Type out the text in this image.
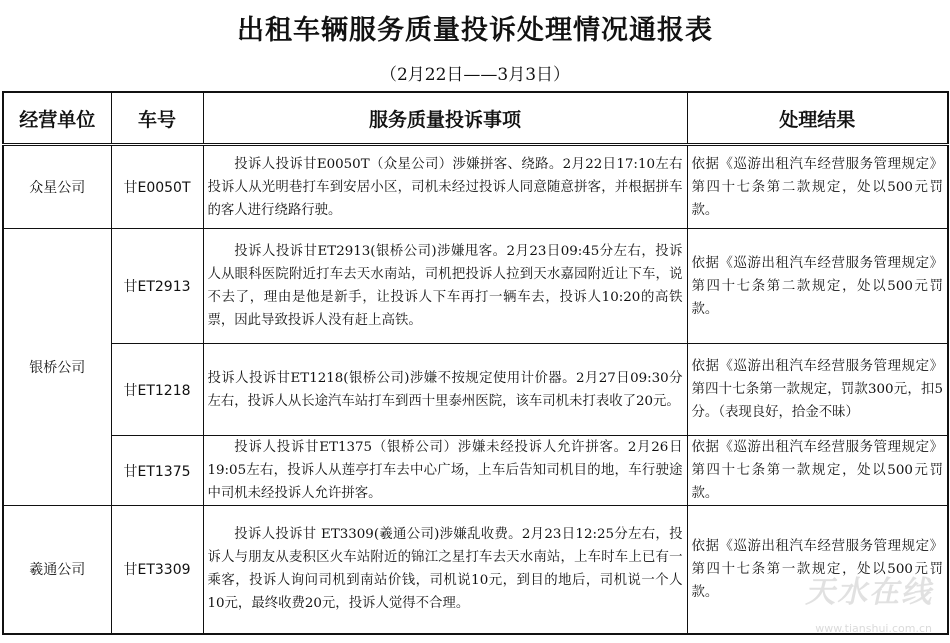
出租车辆服务质量投诉处理情况通报表
（2月22日——3月3日）
经营单位	车号	服务质量投诉事项	处理结果
众星公司	甘E0050T	投诉人投诉甘E0050T（众星公司）涉嫌拼客、绕路。2月22日17:10左右投诉人从光明巷打车到安居小区，司机未经过投诉人同意随意拼客，并根据拼车的客人进行绕路行驶。	依据《巡游出租汽车经营服务管理规定》第四十七条第二款规定，处以500元罚款。
银桥公司	甘ET2913	投诉人投诉甘ET2913(银桥公司)涉嫌甩客。2月23日09:45分左右，投诉人从眼科医院附近打车去天水南站，司机把投诉人拉到天水嘉园附近让下车，说不去了，理由是他是新手，让投诉人下车再打一辆车去，投诉人10:20的高铁票，因此导致投诉人没有赶上高铁。	依据《巡游出租汽车经营服务管理规定》第四十七条第二款规定，处以500元罚款。
	甘ET1218	投诉人投诉甘ET1218(银桥公司)涉嫌不按规定使用计价器。2月27日09:30分左右，投诉人从长途汽车站打车到西十里泰州医院，该车司机未打表收了20元。	依据《巡游出租汽车经营服务管理规定》第四十七条第一款规定，罚款300元，扣5分。（表现良好，拾金不昧）
	甘ET1375	投诉人投诉甘ET1375（银桥公司）涉嫌未经投诉人允许拼客。2月26日19:05左右，投诉人从莲亭打车去中心广场，上车后告知司机目的地，车行驶途中司机未经投诉人允许拼客。	依据《巡游出租汽车经营服务管理规定》第四十七条第一款规定，处以500元罚款。
羲通公司	甘ET3309	投诉人投诉甘 ET3309(羲通公司)涉嫌乱收费。2月23日12:25分左右，投诉人与朋友从麦积区火车站附近的锦江之星打车去天水南站，上车时车上已有一乘客，投诉人询问司机到南站价钱，司机说10元，到目的地后，司机说一个人10元，最终收费20元，投诉人觉得不合理。	依据《巡游出租汽车经营服务管理规定》第四十七条第一款规定，处以500元罚款。	天水在线
www.tianshui.com.cn
